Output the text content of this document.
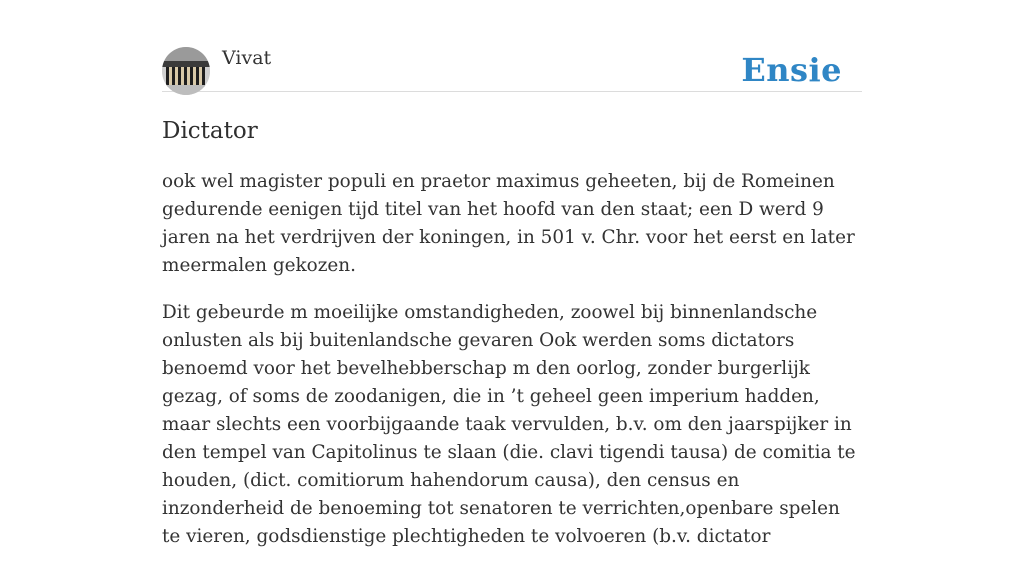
Vivat	Ensie
Dictator

ook wel magister populi en praetor maximus geheeten, bij de Romeinen gedurende eenigen tijd titel van het hoofd van den staat; een D werd 9 jaren na het verdrijven der koningen, in 501 v. Chr. voor het eerst en later meermalen gekozen.

Dit gebeurde m moeilijke omstandigheden, zoowel bij binnenlandsche onlusten als bij buitenlandsche gevaren Ook werden soms dictators benoemd voor het bevelhebberschap m den oorlog, zonder burgerlijk gezag, of soms de zoodanigen, die in ’t geheel geen imperium hadden, maar slechts een voorbijgaande taak vervulden, b.v. om den jaarspijker in den tempel van Capitolinus te slaan (die. clavi tigendi tausa) de comitia te houden, (dict. comitiorum hahendorum causa), den census en inzonderheid de benoeming tot senatoren te verrichten,openbare spelen te vieren, godsdienstige plechtigheden te volvoeren (b.v. dictator
